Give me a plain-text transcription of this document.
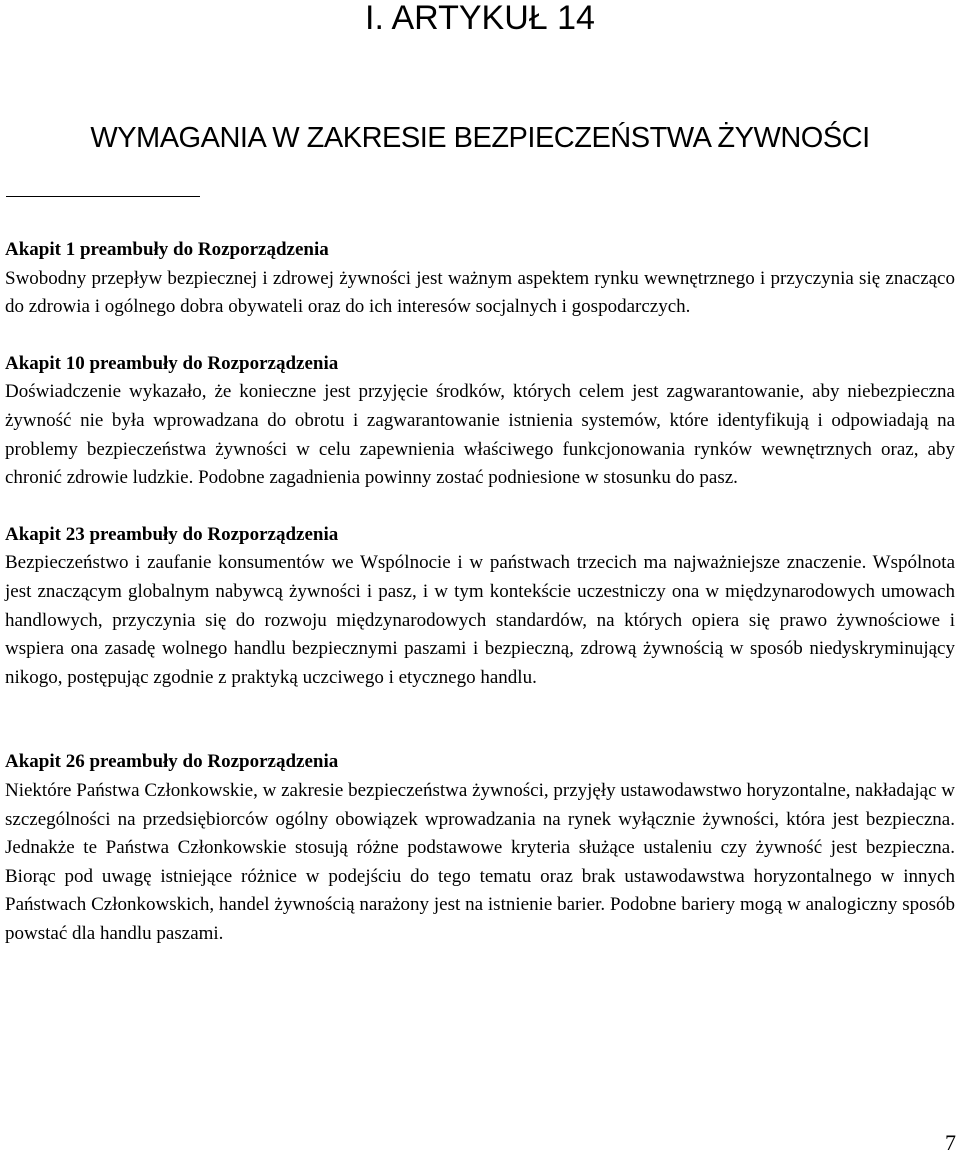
I. ARTYKUŁ 14
WYMAGANIA W ZAKRESIE BEZPIECZEŃSTWA ŻYWNOŚCI
Akapit 1 preambuły do Rozporządzenia

Swobodny przepływ bezpiecznej i zdrowej żywności jest ważnym aspektem rynku wewnętrznego i przyczynia się znacząco do zdrowia i ogólnego dobra obywateli oraz do ich interesów socjalnych i gospodarczych.

Akapit 10 preambuły do Rozporządzenia

Doświadczenie wykazało, że konieczne jest przyjęcie środków, których celem jest zagwarantowanie, aby niebezpieczna żywność nie była wprowadzana do obrotu i zagwarantowanie istnienia systemów, które identyfikują i odpowiadają na problemy bezpieczeństwa żywności w celu zapewnienia właściwego funkcjonowania rynków wewnętrznych oraz, aby chronić zdrowie ludzkie. Podobne zagadnienia powinny zostać podniesione w stosunku do pasz.

Akapit 23 preambuły do Rozporządzenia

Bezpieczeństwo i zaufanie konsumentów we Wspólnocie i w państwach trzecich ma najważniejsze znaczenie. Wspólnota jest znaczącym globalnym nabywcą żywności i pasz, i w tym kontekście uczestniczy ona w międzynarodowych umowach handlowych, przyczynia się do rozwoju międzynarodowych standardów, na których opiera się prawo żywnościowe i wspiera ona zasadę wolnego handlu bezpiecznymi paszami i bezpieczną, zdrową żywnością w sposób niedyskryminujący nikogo, postępując zgodnie z praktyką uczciwego i etycznego handlu.

Akapit 26 preambuły do Rozporządzenia

Niektóre Państwa Członkowskie, w zakresie bezpieczeństwa żywności, przyjęły ustawodawstwo horyzontalne, nakładając w szczególności na przedsiębiorców ogólny obowiązek wprowadzania na rynek wyłącznie żywności, która jest bezpieczna. Jednakże te Państwa Członkowskie stosują różne podstawowe kryteria służące ustaleniu czy żywność jest bezpieczna. Biorąc pod uwagę istniejące różnice w podejściu do tego tematu oraz brak ustawodawstwa horyzontalnego w innych Państwach Członkowskich, handel żywnością narażony jest na istnienie barier. Podobne bariery mogą w analogiczny sposób powstać dla handlu paszami.

7
